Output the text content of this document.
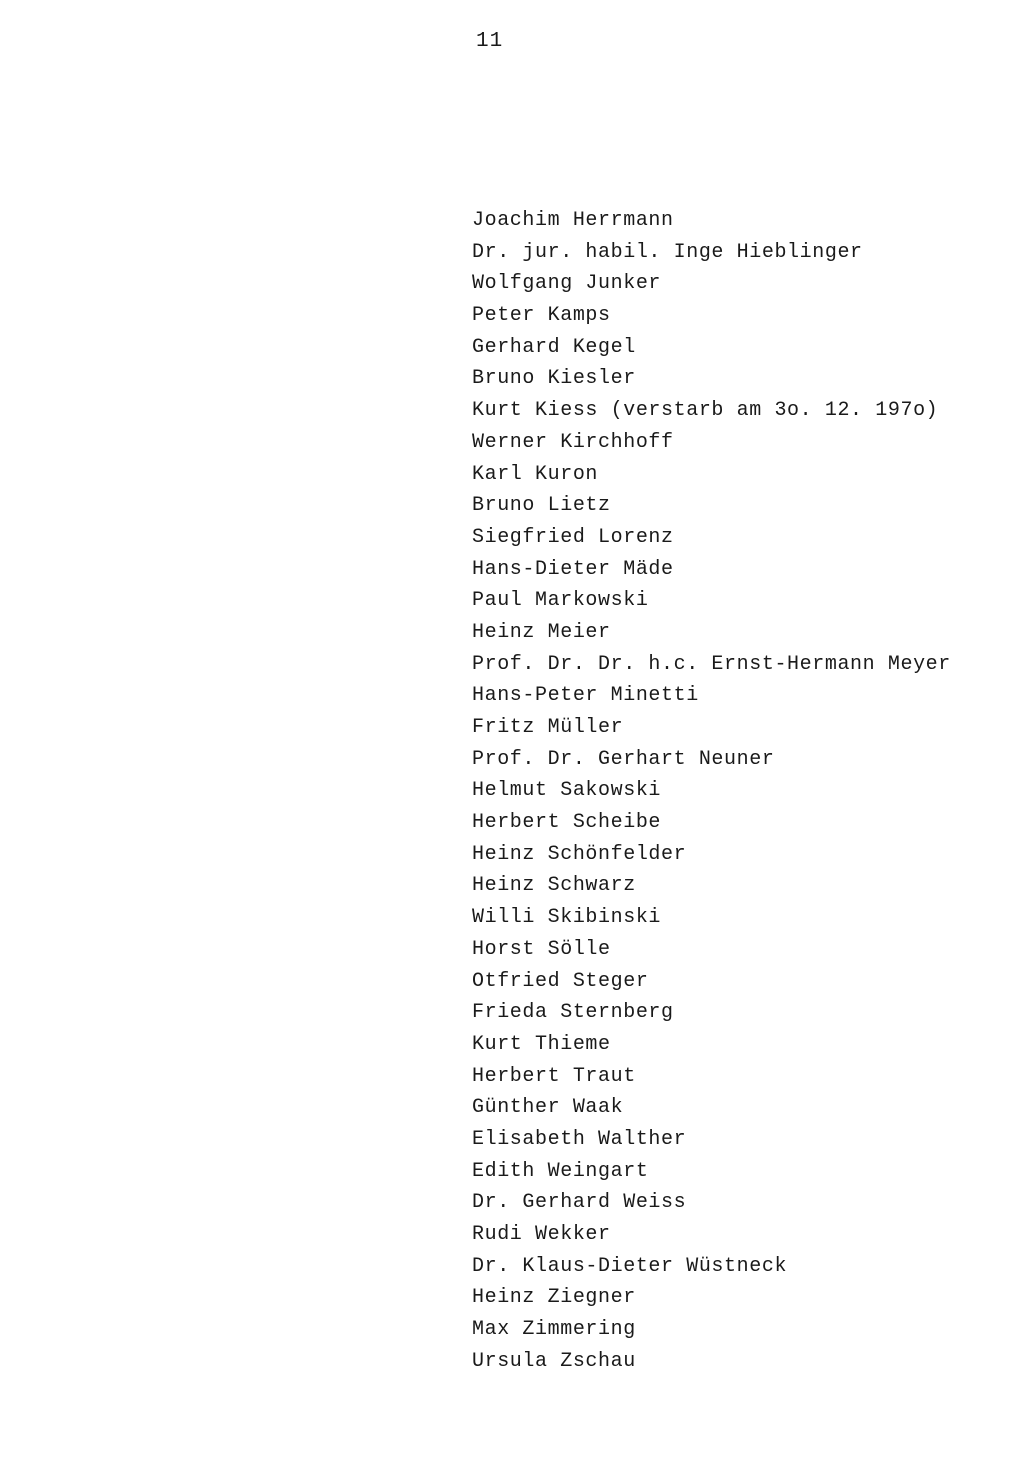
11
Joachim Herrmann
Dr. jur. habil. Inge Hieblinger
Wolfgang Junker
Peter Kamps
Gerhard Kegel
Bruno Kiesler
Kurt Kiess (verstarb am 3o. 12. 197o)
Werner Kirchhoff
Karl Kuron
Bruno Lietz
Siegfried Lorenz
Hans-Dieter Mäde
Paul Markowski
Heinz Meier
Prof. Dr. Dr. h.c. Ernst-Hermann Meyer
Hans-Peter Minetti
Fritz Müller
Prof. Dr. Gerhart Neuner
Helmut Sakowski
Herbert Scheibe
Heinz Schönfelder
Heinz Schwarz
Willi Skibinski
Horst Sölle
Otfried Steger
Frieda Sternberg
Kurt Thieme
Herbert Traut
Günther Waak
Elisabeth Walther
Edith Weingart
Dr. Gerhard Weiss
Rudi Wekker
Dr. Klaus-Dieter Wüstneck
Heinz Ziegner
Max Zimmering
Ursula Zschau
